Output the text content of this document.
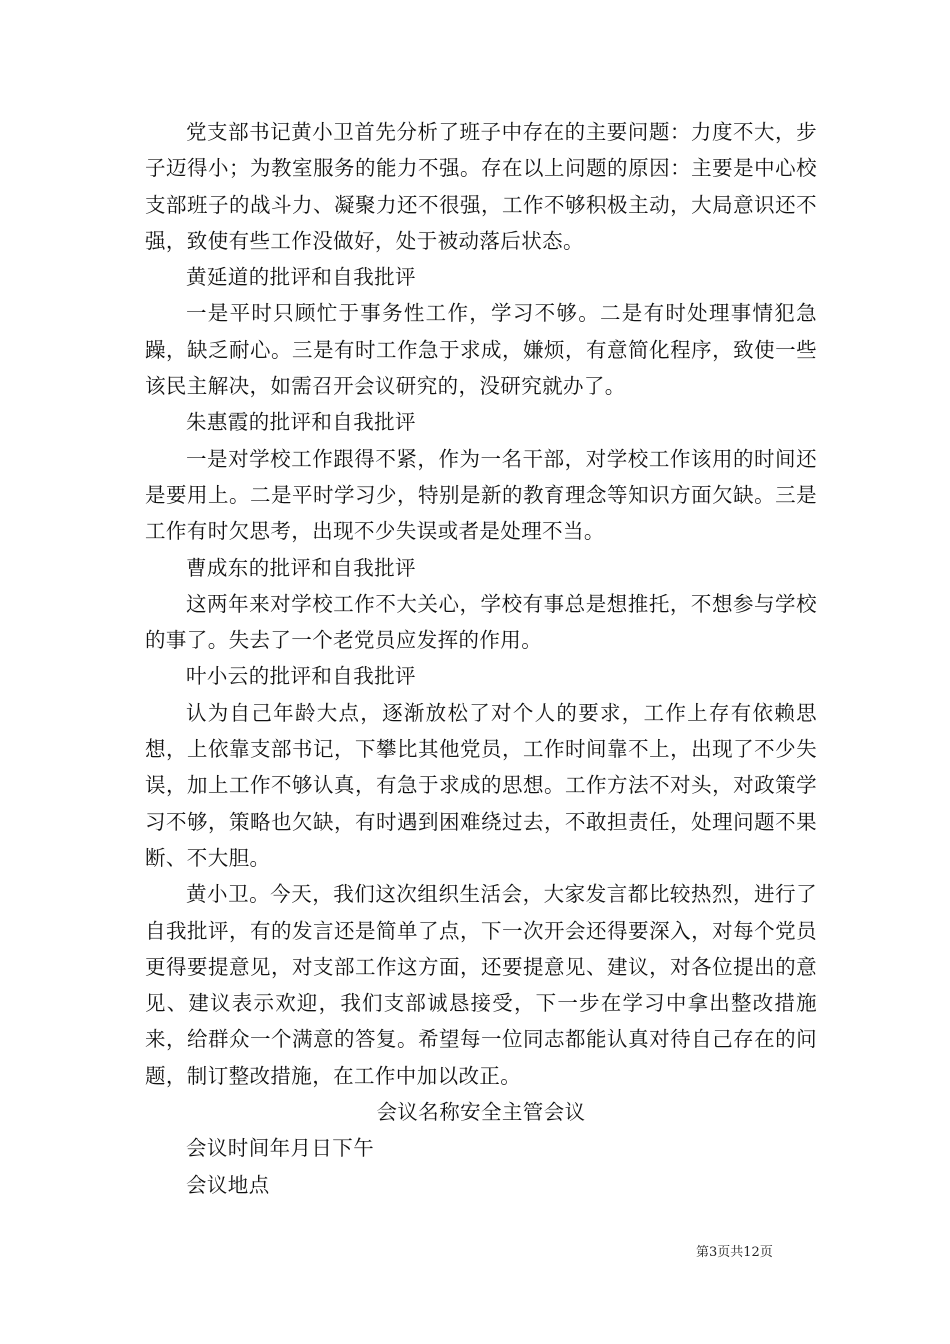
党支部书记黄小卫首先分析了班子中存在的主要问题：力度不大，步子迈得小；为教室服务的能力不强。存在以上问题的原因：主要是中心校支部班子的战斗力、凝聚力还不很强，工作不够积极主动，大局意识还不强，致使有些工作没做好，处于被动落后状态。

黄延道的批评和自我批评

一是平时只顾忙于事务性工作，学习不够。二是有时处理事情犯急躁，缺乏耐心。三是有时工作急于求成，嫌烦，有意简化程序，致使一些该民主解决，如需召开会议研究的，没研究就办了。

朱惠霞的批评和自我批评

一是对学校工作跟得不紧，作为一名干部，对学校工作该用的时间还是要用上。二是平时学习少，特别是新的教育理念等知识方面欠缺。三是工作有时欠思考，出现不少失误或者是处理不当。

曹成东的批评和自我批评

这两年来对学校工作不大关心，学校有事总是想推托，不想参与学校的事了。失去了一个老党员应发挥的作用。

叶小云的批评和自我批评

认为自己年龄大点，逐渐放松了对个人的要求，工作上存有依赖思想，上依靠支部书记，下攀比其他党员，工作时间靠不上，出现了不少失误，加上工作不够认真，有急于求成的思想。工作方法不对头，对政策学习不够，策略也欠缺，有时遇到困难绕过去，不敢担责任，处理问题不果断、不大胆。

黄小卫。今天，我们这次组织生活会，大家发言都比较热烈，进行了自我批评，有的发言还是简单了点，下一次开会还得要深入，对每个党员更得要提意见，对支部工作这方面，还要提意见、建议，对各位提出的意见、建议表示欢迎，我们支部诚恳接受，下一步在学习中拿出整改措施来，给群众一个满意的答复。希望每一位同志都能认真对待自己存在的问题，制订整改措施，在工作中加以改正。

会议名称安全主管会议

会议时间年月日下午

会议地点

第3页共12页
